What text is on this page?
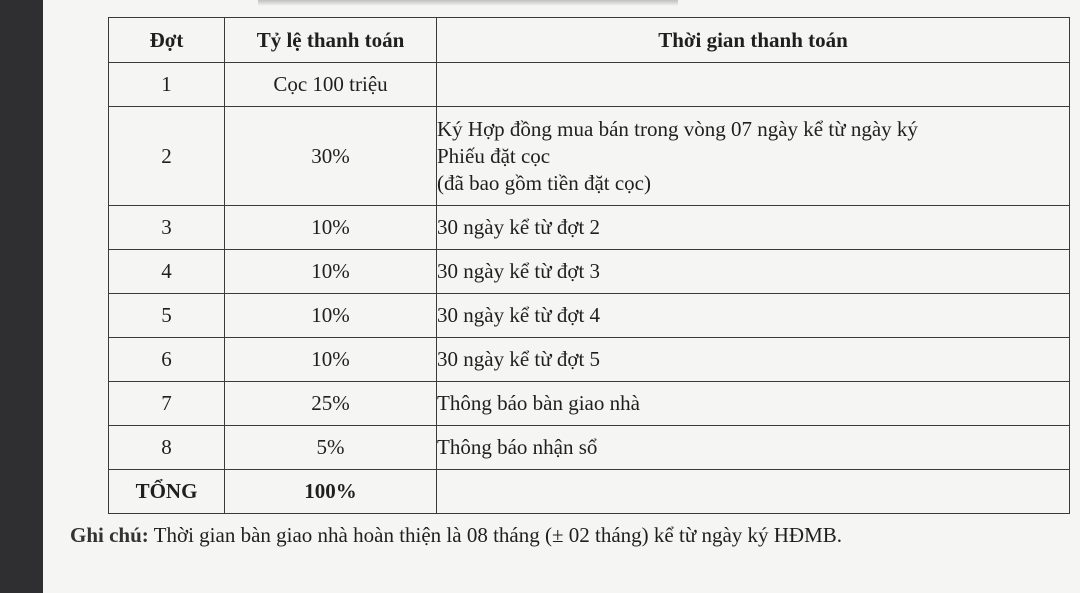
Đợt	Tỷ lệ thanh toán	Thời gian thanh toán
1	Cọc 100 triệu	
2	30%	Ký Hợp đồng mua bán trong vòng 07 ngày kể từ ngày ký
Phiếu đặt cọc
(đã bao gồm tiền đặt cọc)

3	10%	30 ngày kể từ đợt 2
4	10%	30 ngày kể từ đợt 3
5	10%	30 ngày kể từ đợt 4
6	10%	30 ngày kể từ đợt 5
7	25%	Thông báo bàn giao nhà
8	5%	Thông báo nhận sổ
TỔNG	100%	
Ghi chú: Thời gian bàn giao nhà hoàn thiện là 08 tháng (± 02 tháng) kể từ ngày ký HĐMB.
